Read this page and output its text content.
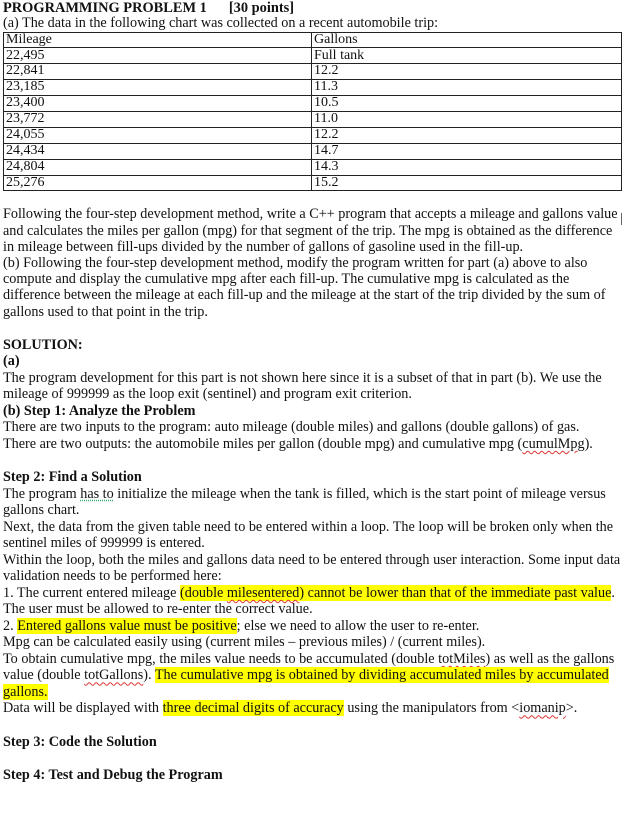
PROGRAMMING PROBLEM 1 [30 points]
(a) The data in the following chart was collected on a recent automobile trip:
Mileage	Gallons
22,495	Full tank
22,841	12.2
23,185	11.3
23,400	10.5
23,772	11.0
24,055	12.2
24,434	14.7
24,804	14.3
25,276	15.2
Following the four-step development method, write a C++ program that accepts a mileage and gallons value and calculates the miles per gallon (mpg) for that segment of the trip. The mpg is obtained as the difference in mileage between fill-ups divided by the number of gallons of gasoline used in the fill-up.
(b) Following the four-step development method, modify the program written for part (a) above to also compute and display the cumulative mpg after each fill-up. The cumulative mpg is calculated as the difference between the mileage at each fill-up and the mileage at the start of the trip divided by the sum of gallons used to that point in the trip.
SOLUTION:
(a)
The program development for this part is not shown here since it is a subset of that in part (b). We use the mileage of 999999 as the loop exit (sentinel) and program exit criterion.
(b) Step 1: Analyze the Problem
There are two inputs to the program: auto mileage (double miles) and gallons (double gallons) of gas.
There are two outputs: the automobile miles per gallon (double mpg) and cumulative mpg (cumulMpg).
Step 2: Find a Solution
The program has to initialize the mileage when the tank is filled, which is the start point of mileage versus gallons chart.
Next, the data from the given table need to be entered within a loop. The loop will be broken only when the sentinel miles of 999999 is entered.
Within the loop, both the miles and gallons data need to be entered through user interaction. Some input data validation needs to be performed here:
1. The current entered mileage (double milesentered) cannot be lower than that of the immediate past value. The user must be allowed to re-enter the correct value.
2. Entered gallons value must be positive; else we need to allow the user to re-enter.
Mpg can be calculated easily using (current miles – previous miles) / (current miles).
To obtain cumulative mpg, the miles value needs to be accumulated (double totMiles) as well as the gallons value (double totGallons). The cumulative mpg is obtained by dividing accumulated miles by accumulated gallons.
Data will be displayed with three decimal digits of accuracy using the manipulators from <iomanip>.
Step 3: Code the Solution
Step 4: Test and Debug the Program
